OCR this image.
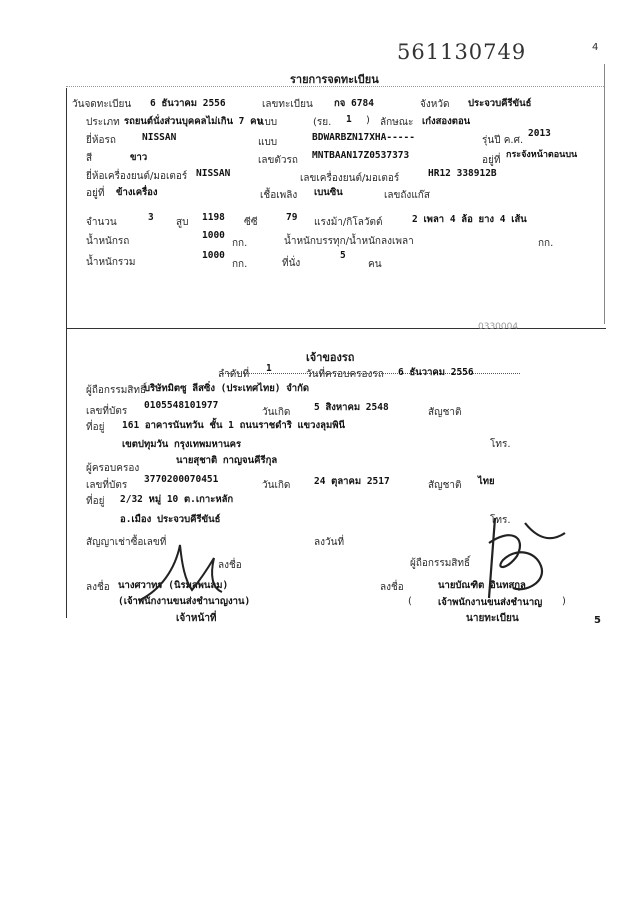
561130749	4
รายการจดทะเบียน
วันจดทะเบียน 6 ธันวาคม 2556	เลขทะเบียน กจ 6784	จังหวัด ประจวบคีรีขันธ์
ประเภท รถยนต์นั่งส่วนบุคคลไม่เกิน 7 คน
แบบ	(รย. 1 ) ลักษณะ เก๋งสองตอน
ยี่ห้อรถ	NISSAN	แบบ	BDWARBZN17XHA-----	รุ่นปี ค.ศ.
2013
สี	ขาว	เลขตัวรถ MNTBAAN17Z0537373	อยู่ที่ กระจังหน้าตอนบน
ยี่ห้อเครื่องยนต์/มอเตอร์ NISSAN	เลขเครื่องยนต์/มอเตอร์	HR12 338912B
อยู่ที่ ข้างเครื่อง	เชื้อเพลิง เบนซิน	เลขถังแก๊ส
จำนวน	3 สูบ 1198 ซีซี	79 แรงม้า/กิโลวัตต์	2 เพลา 4 ล้อ ยาง 4 เส้น
น้ำหนักรถ
1000
กก.	น้ำหนักบรรทุก/น้ำหนักลงเพลา	กก.
น้ำหนักรวม
1000
กก.	ที่นั่ง
5
คน
0330004
เจ้าของรถ
ลำดับที่
1
วันที่ครอบครองรถ 6 ธันวาคม 2556
ผู้ถือกรรมสิทธิ์
บริษัทมิตซู ลีสซิ่ง (ประเทศไทย) จำกัด
เลขที่บัตร
0105548101977
วันเกิด 5 สิงหาคม 2548	สัญชาติ
ที่อยู่ 161 อาคารนันทวัน ชั้น 1 ถนนราชดำริ แขวงลุมพินี
เขตปทุมวัน กรุงเทพมหานคร	โทร.
ผู้ครอบครอง
นายสุชาติ กาญจนคีรีกุล
เลขที่บัตร
3770200070451
วันเกิด 24 ตุลาคม 2517	สัญชาติ ไทย
ที่อยู่ 2/32 หมู่ 10 ต.เกาะหลัก
อ.เมือง ประจวบคีรีขันธ์	โทร.
สัญญาเช่าซื้อเลขที่	ลงวันที่
ลงชื่อ	ผู้ถือกรรมสิทธิ์
ลงชื่อ นางศวาทร (นิรมลพนลม)
(เจ้าพนักงานขนส่งชำนาญงาน)
เจ้าหน้าที่
ลงชื่อ	นายบัณฑิต อินทสกุล
(	เจ้าพนักงานขนส่งชำนาญ )
นายทะเบียน	5
